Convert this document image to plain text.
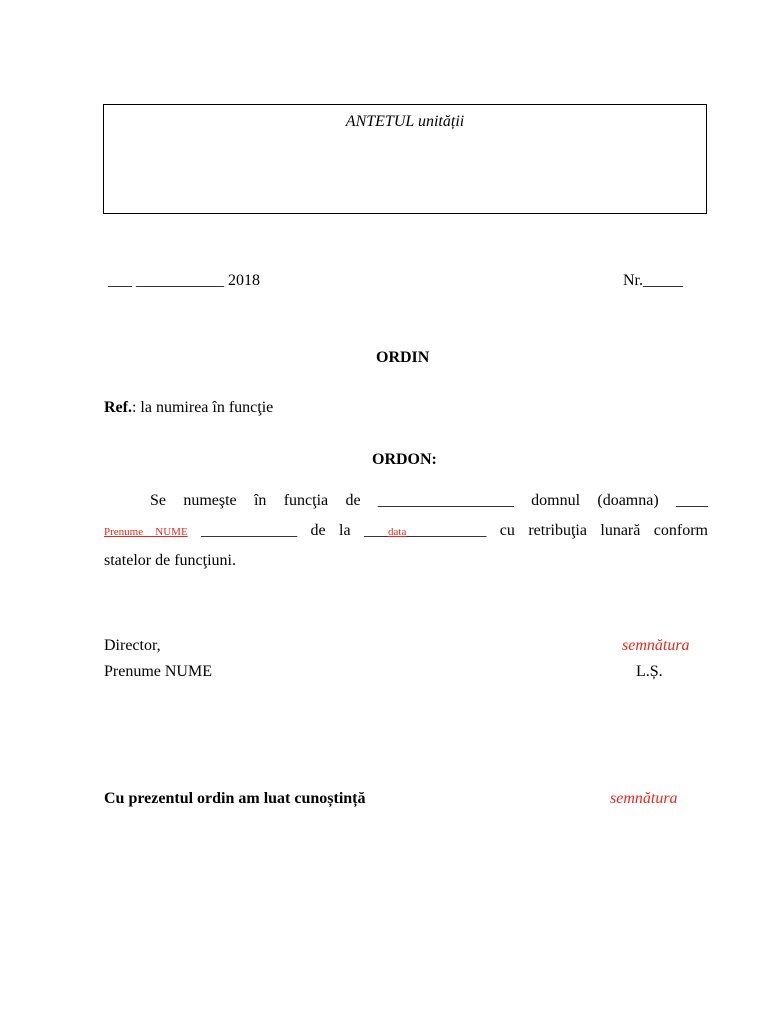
ANTETUL unității
___ ___________ 2018	Nr._____
ORDIN
Ref.: la numirea în funcţie
ORDON:
Se numeşte în funcţia de _________________ domnul (doamna) ____
Prenume NUME ____________ de la ___data__________ cu retribuţia lunară conform
statelor de funcţiuni.
Director,	semnătura
Prenume NUME	L.Ș.
Cu prezentul ordin am luat cunoștință	semnătura
